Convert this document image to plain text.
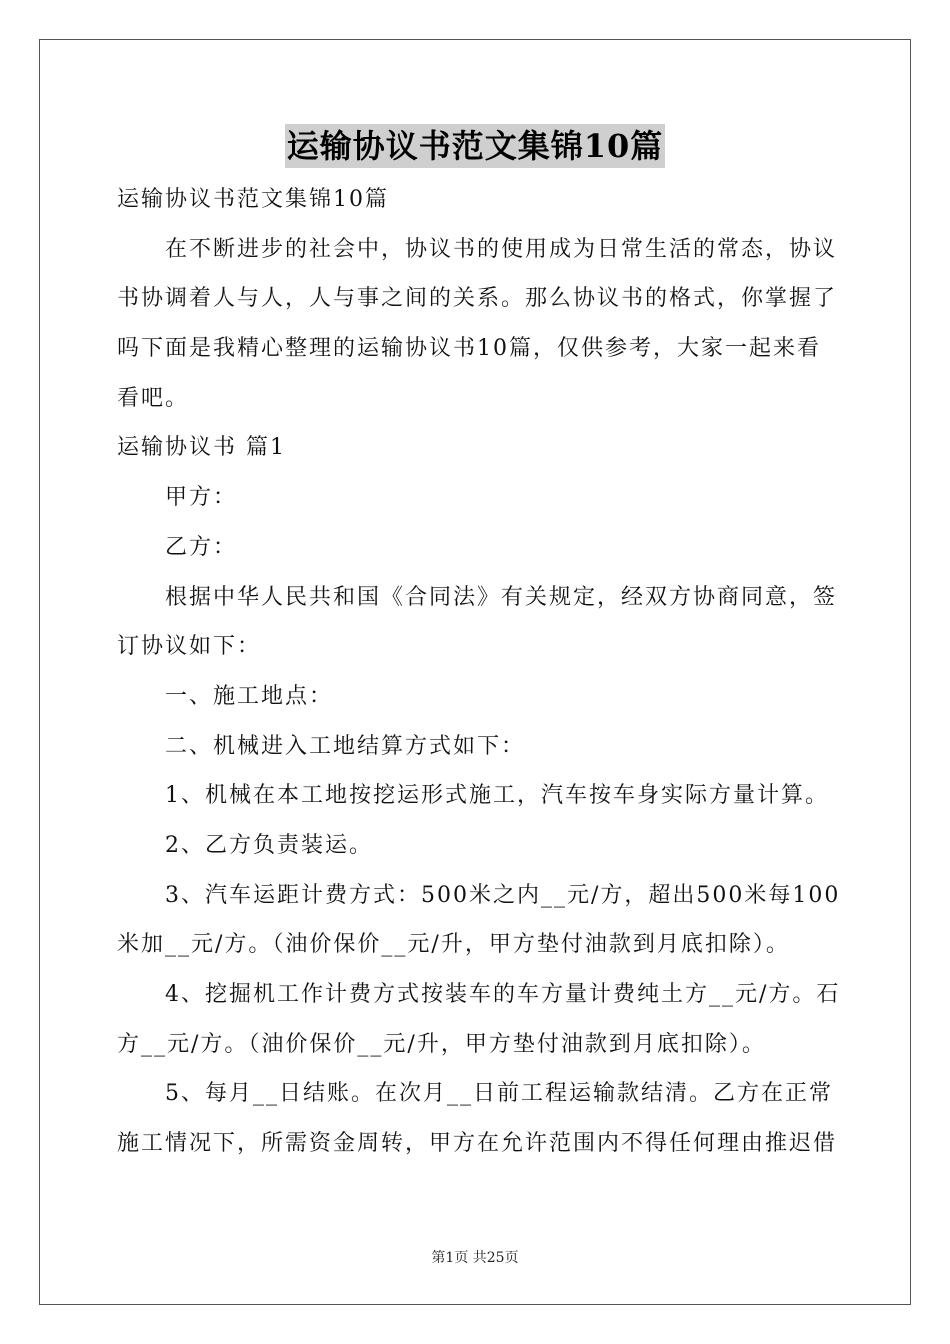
运输协议书范文集锦10篇
运输协议书范文集锦10篇
在不断进步的社会中，协议书的使用成为日常生活的常态，协议
书协调着人与人，人与事之间的关系。那么协议书的格式，你掌握了
吗下面是我精心整理的运输协议书10篇，仅供参考，大家一起来看
看吧。
运输协议书 篇1
甲方：
乙方：
根据中华人民共和国《合同法》有关规定，经双方协商同意，签
订协议如下：
一、施工地点：
二、机械进入工地结算方式如下：
1、机械在本工地按挖运形式施工，汽车按车身实际方量计算。
2、乙方负责装运。
3、汽车运距计费方式：500米之内__元/方，超出500米每100
米加__元/方。（油价保价__元/升，甲方垫付油款到月底扣除）。
4、挖掘机工作计费方式按装车的车方量计费纯土方__元/方。石
方__元/方。（油价保价__元/升，甲方垫付油款到月底扣除）。
5、每月__日结账。在次月__日前工程运输款结清。乙方在正常
施工情况下，所需资金周转，甲方在允许范围内不得任何理由推迟借
第1页 共25页
